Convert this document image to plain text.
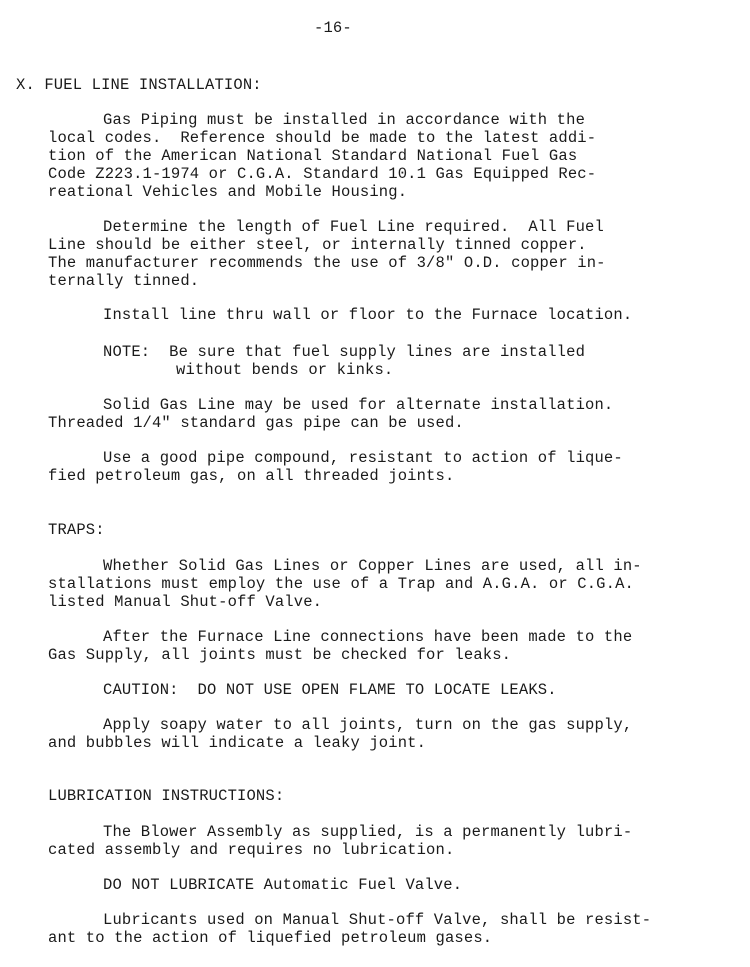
-16-
X. FUEL LINE INSTALLATION:
Gas Piping must be installed in accordance with the
local codes.  Reference should be made to the latest addi-
tion of the American National Standard National Fuel Gas
Code Z223.1-1974 or C.G.A. Standard 10.1 Gas Equipped Rec-
reational Vehicles and Mobile Housing.
Determine the length of Fuel Line required.  All Fuel
Line should be either steel, or internally tinned copper.
The manufacturer recommends the use of 3/8" O.D. copper in-
ternally tinned.
Install line thru wall or floor to the Furnace location.
NOTE:  Be sure that fuel supply lines are installed
without bends or kinks.
Solid Gas Line may be used for alternate installation.
Threaded 1/4" standard gas pipe can be used.
Use a good pipe compound, resistant to action of lique-
fied petroleum gas, on all threaded joints.
TRAPS:
Whether Solid Gas Lines or Copper Lines are used, all in-
stallations must employ the use of a Trap and A.G.A. or C.G.A.
listed Manual Shut-off Valve.
After the Furnace Line connections have been made to the
Gas Supply, all joints must be checked for leaks.
CAUTION:  DO NOT USE OPEN FLAME TO LOCATE LEAKS.
Apply soapy water to all joints, turn on the gas supply,
and bubbles will indicate a leaky joint.
LUBRICATION INSTRUCTIONS:
The Blower Assembly as supplied, is a permanently lubri-
cated assembly and requires no lubrication.
DO NOT LUBRICATE Automatic Fuel Valve.
Lubricants used on Manual Shut-off Valve, shall be resist-
ant to the action of liquefied petroleum gases.
